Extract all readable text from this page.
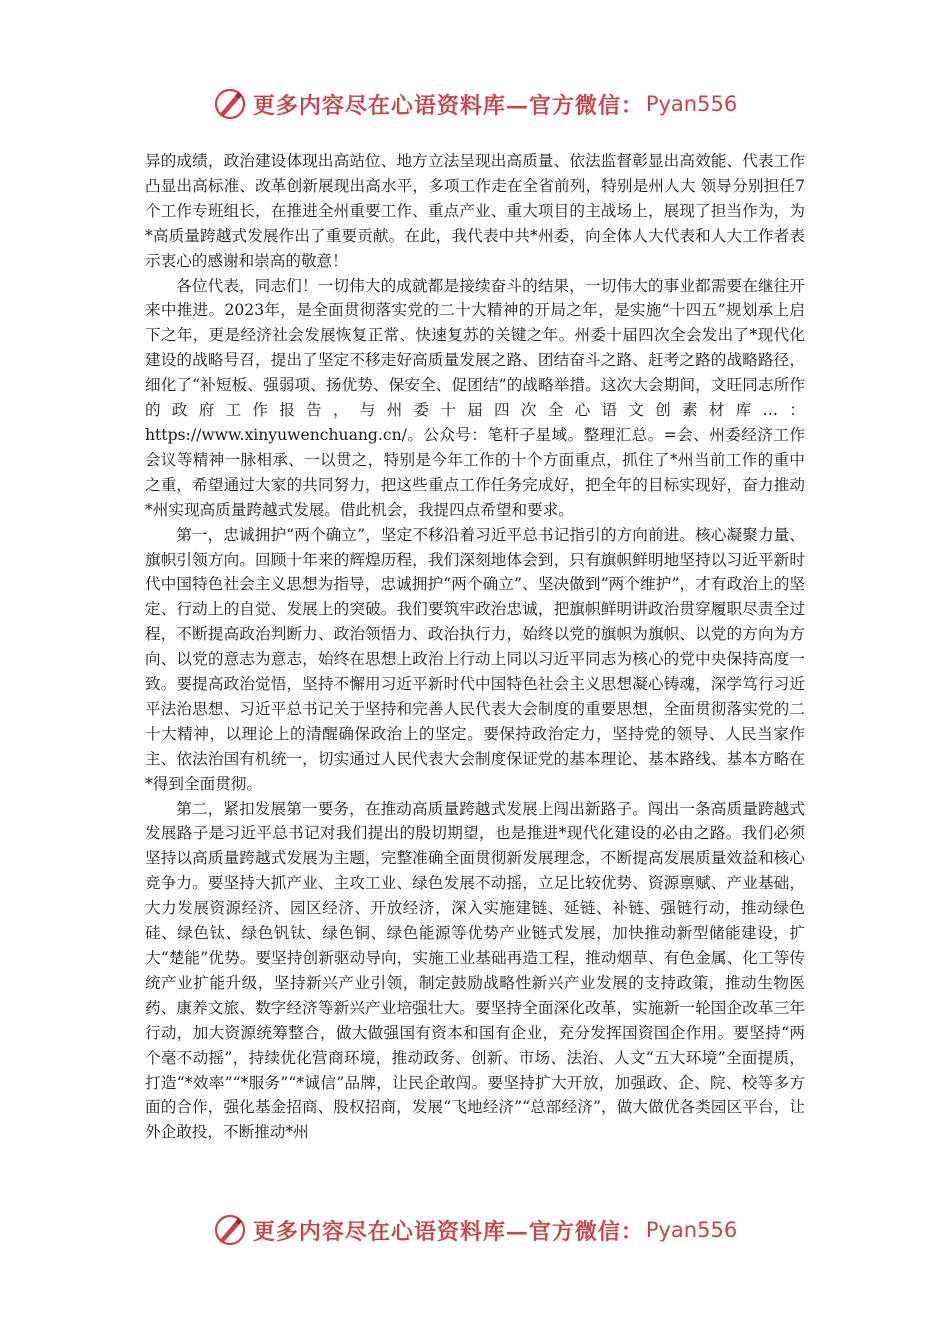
更多内容尽在心语资料库—官方微信： Pyan556

异的成绩，政治建设体现出高站位、地方立法呈现出高质量、依法监督彰显出高效能、代表工作凸显出高标准、改革创新展现出高水平，多项工作走在全省前列，特别是州人大 领导分别担任7个工作专班组长，在推进全州重要工作、重点产业、重大项目的主战场上，展现了担当作为，为*高质量跨越式发展作出了重要贡献。在此，我代表中共*州委，向全体人大代表和人大工作者表示衷心的感谢和崇高的敬意！

各位代表，同志们！一切伟大的成就都是接续奋斗的结果，一切伟大的事业都需要在继往开来中推进。2023年，是全面贯彻落实党的二十大精神的开局之年，是实施“十四五”规划承上启下之年，更是经济社会发展恢复正常、快速复苏的关键之年。州委十届四次全会发出了*现代化建设的战略号召，提出了坚定不移走好高质量发展之路、团结奋斗之路、赶考之路的战略路径，细化了“补短板、强弱项、扬优势、保安全、促团结”的战略举措。这次大会期间，文旺同志所作的政府工作报告，与州委十届四次全心语文创素材库…：https://www.xinyuwenchuang.cn/。公众号：笔杆子星域。整理汇总。=会、州委经济工作会议等精神一脉相承、一以贯之，特别是今年工作的十个方面重点，抓住了*州当前工作的重中之重，希望通过大家的共同努力，把这些重点工作任务完成好，把全年的目标实现好，奋力推动*州实现高质量跨越式发展。借此机会，我提四点希望和要求。

第一，忠诚拥护“两个确立”，坚定不移沿着习近平总书记指引的方向前进。核心凝聚力量、旗帜引领方向。回顾十年来的辉煌历程，我们深刻地体会到，只有旗帜鲜明地坚持以习近平新时代中国特色社会主义思想为指导，忠诚拥护“两个确立”、坚决做到“两个维护”，才有政治上的坚定、行动上的自觉、发展上的突破。我们要筑牢政治忠诚，把旗帜鲜明讲政治贯穿履职尽责全过程，不断提高政治判断力、政治领悟力、政治执行力，始终以党的旗帜为旗帜、以党的方向为方向、以党的意志为意志，始终在思想上政治上行动上同以习近平同志为核心的党中央保持高度一致。要提高政治觉悟，坚持不懈用习近平新时代中国特色社会主义思想凝心铸魂，深学笃行习近平法治思想、习近平总书记关于坚持和完善人民代表大会制度的重要思想，全面贯彻落实党的二十大精神，以理论上的清醒确保政治上的坚定。要保持政治定力，坚持党的领导、人民当家作主、依法治国有机统一，切实通过人民代表大会制度保证党的基本理论、基本路线、基本方略在*得到全面贯彻。

第二，紧扣发展第一要务，在推动高质量跨越式发展上闯出新路子。闯出一条高质量跨越式发展路子是习近平总书记对我们提出的殷切期望，也是推进*现代化建设的必由之路。我们必须坚持以高质量跨越式发展为主题，完整准确全面贯彻新发展理念，不断提高发展质量效益和核心竞争力。要坚持大抓产业、主攻工业、绿色发展不动摇，立足比较优势、资源禀赋、产业基础，大力发展资源经济、园区经济、开放经济，深入实施建链、延链、补链、强链行动，推动绿色硅、绿色钛、绿色钒钛、绿色铜、绿色能源等优势产业链式发展，加快推动新型储能建设，扩大“楚能”优势。要坚持创新驱动导向，实施工业基础再造工程，推动烟草、有色金属、化工等传统产业扩能升级，坚持新兴产业引领，制定鼓励战略性新兴产业发展的支持政策，推动生物医药、康养文旅、数字经济等新兴产业培强壮大。要坚持全面深化改革，实施新一轮国企改革三年行动，加大资源统筹整合，做大做强国有资本和国有企业，充分发挥国资国企作用。要坚持“两个毫不动摇”，持续优化营商环境，推动政务、创新、市场、法治、人文“五大环境”全面提质，打造“*效率”“*服务”“*诚信”品牌，让民企敢闯。要坚持扩大开放，加强政、企、院、校等多方面的合作，强化基金招商、股权招商，发展“飞地经济”“总部经济”，做大做优各类园区平台，让外企敢投，不断推动*州

更多内容尽在心语资料库—官方微信： Pyan556
